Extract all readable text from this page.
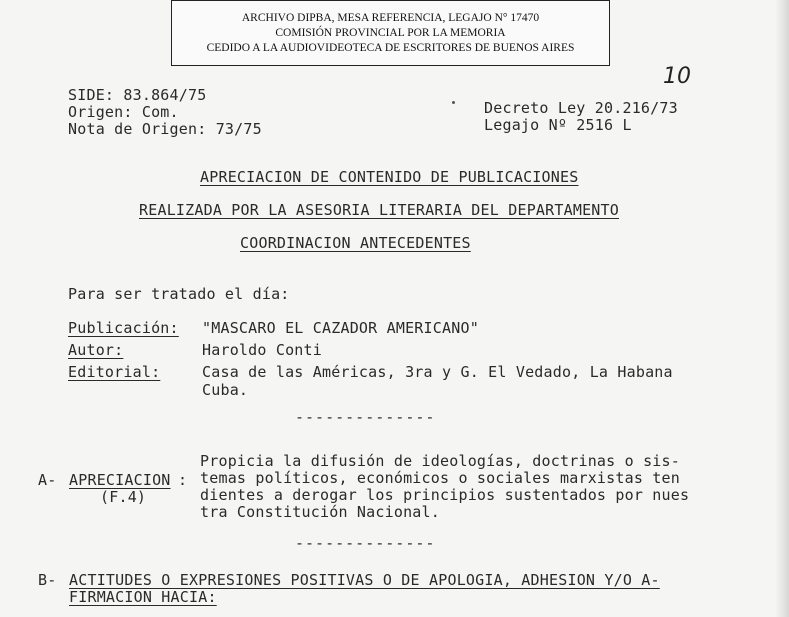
ARCHIVO DIPBA, MESA REFERENCIA, LEGAJO N° 17470
COMISIÓN PROVINCIAL POR LA MEMORIA
CEDIDO A LA AUDIOVIDEOTECA DE ESCRITORES DE BUENOS AIRES
10
SIDE: 83.864/75
Origen: Com.
Nota de Origen: 73/75
Decreto Ley 20.216/73
Legajo Nº 2516 L
APRECIACION DE CONTENIDO DE PUBLICACIONES
REALIZADA POR LA ASESORIA LITERARIA DEL DEPARTAMENTO
COORDINACION ANTECEDENTES
Para ser tratado el día:
Publicación: "MASCARO EL CAZADOR AMERICANO"
Autor:	Haroldo Conti
Editorial:	Casa de las Américas, 3ra y G. El Vedado, La Habana
Cuba.
--------------
A- APRECIACION :
(F.4)
Propicia la difusión de ideologías, doctrinas o sis-
temas políticos, económicos o sociales marxistas ten
dientes a derogar los principios sustentados por nues
tra Constitución Nacional.
--------------
B- ACTITUDES O EXPRESIONES POSITIVAS O DE APOLOGIA, ADHESION Y/O A-
FIRMACION HACIA:
